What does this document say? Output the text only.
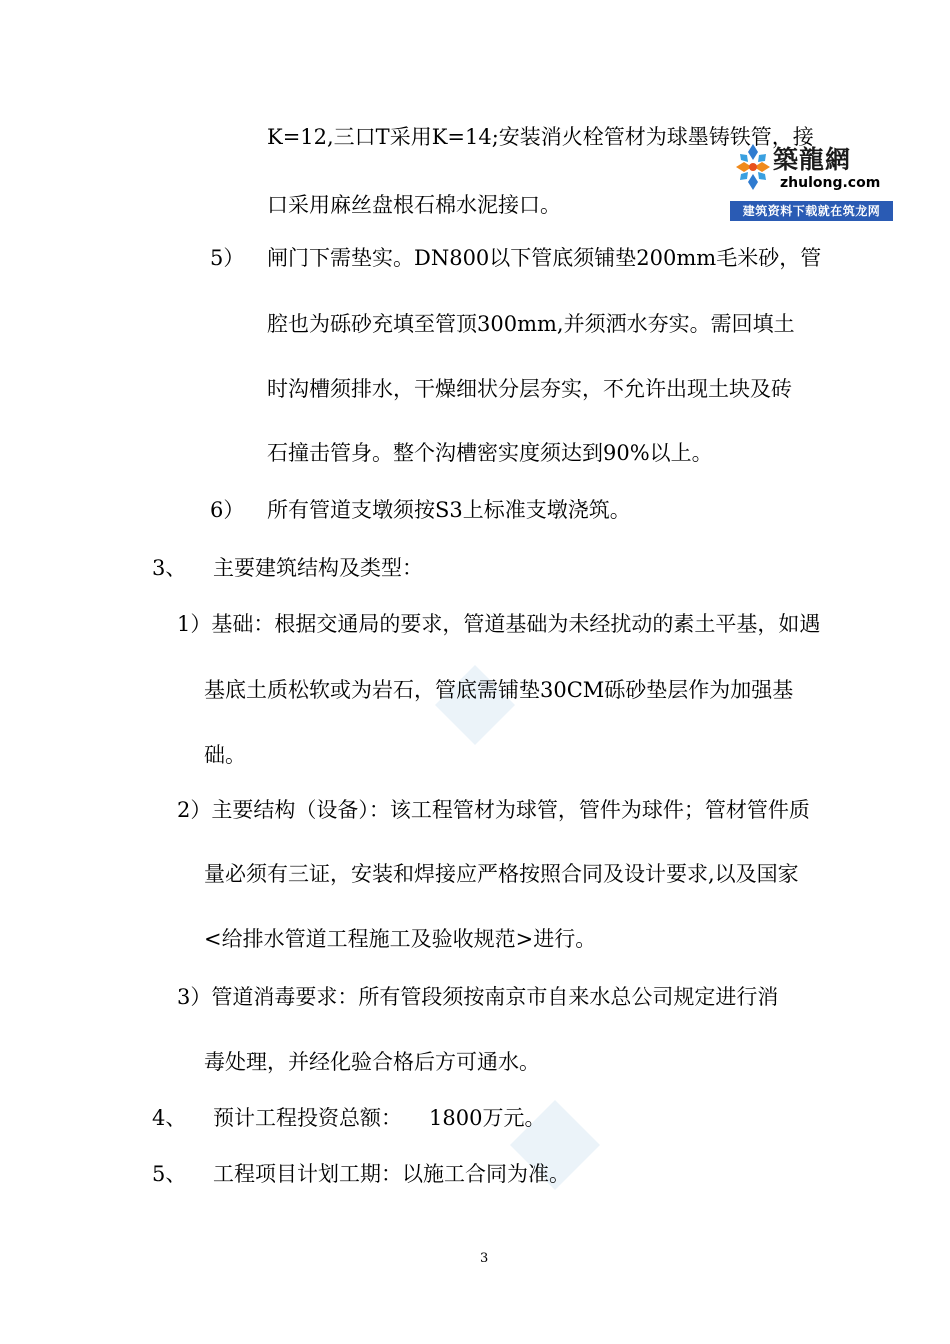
築龍網
zhulong.com
建筑资料下载就在筑龙网
K=12,三口T采用K=14;安装消火栓管材为球墨铸铁管，接
口采用麻丝盘根石棉水泥接口。
5） 闸门下需垫实。DN800以下管底须铺垫200mm毛米砂，管
腔也为砾砂充填至管顶300mm,并须洒水夯实。需回填土
时沟槽须排水，干燥细状分层夯实，不允许出现土块及砖
石撞击管身。整个沟槽密实度须达到90%以上。
6） 所有管道支墩须按S3上标准支墩浇筑。
3、 主要建筑结构及类型：
1）基础：根据交通局的要求，管道基础为未经扰动的素土平基，如遇
基底土质松软或为岩石，管底需铺垫30CM砾砂垫层作为加强基
础。
2）主要结构（设备）：该工程管材为球管，管件为球件；管材管件质
量必须有三证，安装和焊接应严格按照合同及设计要求,以及国家
<给排水管道工程施工及验收规范>进行。
3）管道消毒要求：所有管段须按南京市自来水总公司规定进行消
毒处理，并经化验合格后方可通水。
4、 预计工程投资总额： 1800万元。
5、 工程项目计划工期：以施工合同为准。
3
